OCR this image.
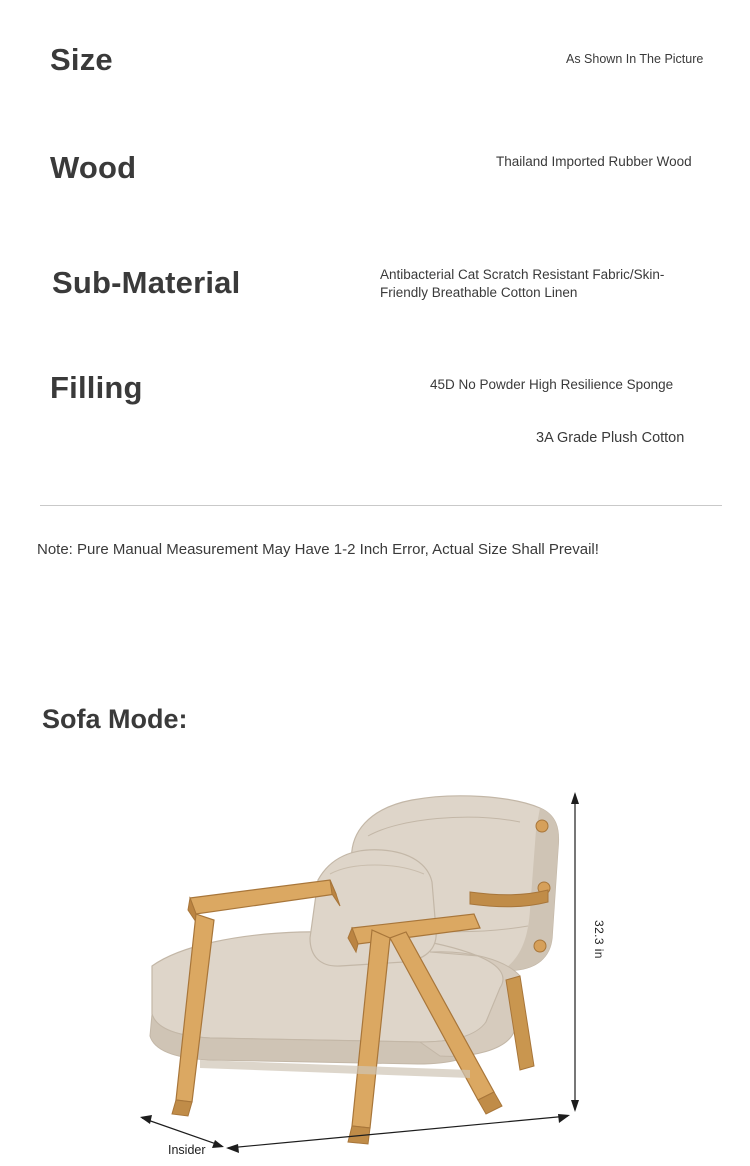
Size	As Shown In The Picture
Wood	Thailand Imported Rubber Wood
Sub-Material	Antibacterial Cat Scratch Resistant Fabric/Skin-Friendly Breathable Cotton Linen
Filling	45D No Powder High Resilience Sponge
3A Grade Plush Cotton
Note: Pure Manual Measurement May Have 1-2 Inch Error, Actual Size Shall Prevail!
Sofa Mode:
32.3 in
Insider
